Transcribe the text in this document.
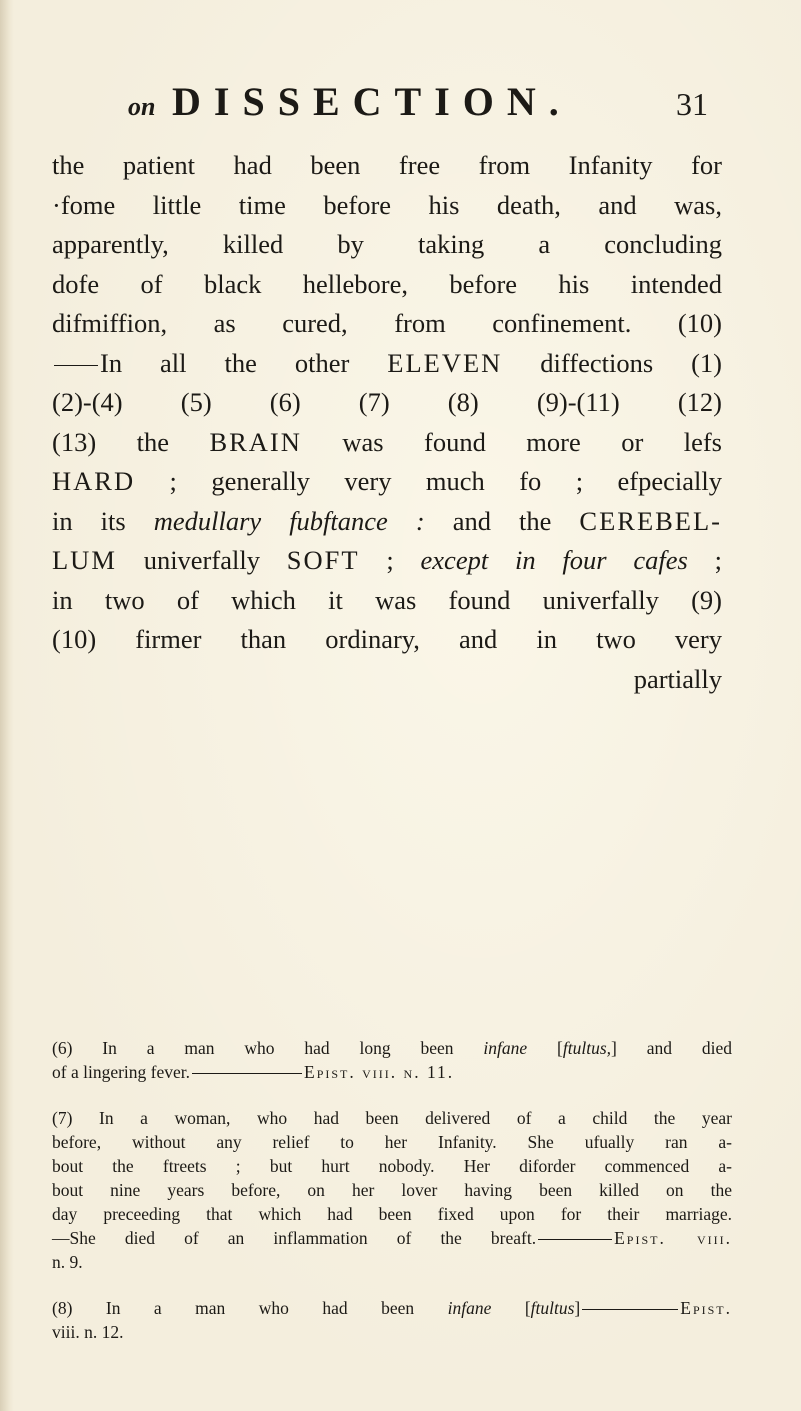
on DISSECTION.	31
the patient had been free from Infanity for
·fome little time before his death, and was,
apparently, killed by taking a concluding
dofe of black hellebore, before his intended
difmiffion, as cured, from confinement. (10)
In all the other ELEVEN diffections (1)
(2)-(4) (5) (6) (7) (8) (9)-(11) (12)
(13) the BRAIN was found more or lefs
HARD ; generally very much fo ; efpecially
in its medullary fubftance : and the CEREBEL-
LUM univerfally SOFT ; except in four cafes ;
in two of which it was found univerfally (9)
(10) firmer than ordinary, and in two very
partially
(6) In a man who had long been infane [ftultus,] and died
of a lingering fever.	Epist. viii. n. 11.
(7) In a woman, who had been delivered of a child the year
before, without any relief to her Infanity. She ufually ran a-
bout the ftreets ; but hurt nobody. Her diforder commenced a-
bout nine years before, on her lover having been killed on the
day preceeding that which had been fixed upon for their marriage.
—She died of an inflammation of the breaft.	Epist. viii.
n. 9.
(8) In a man who had been infane [ftultus]	Epist.
viii. n. 12.
